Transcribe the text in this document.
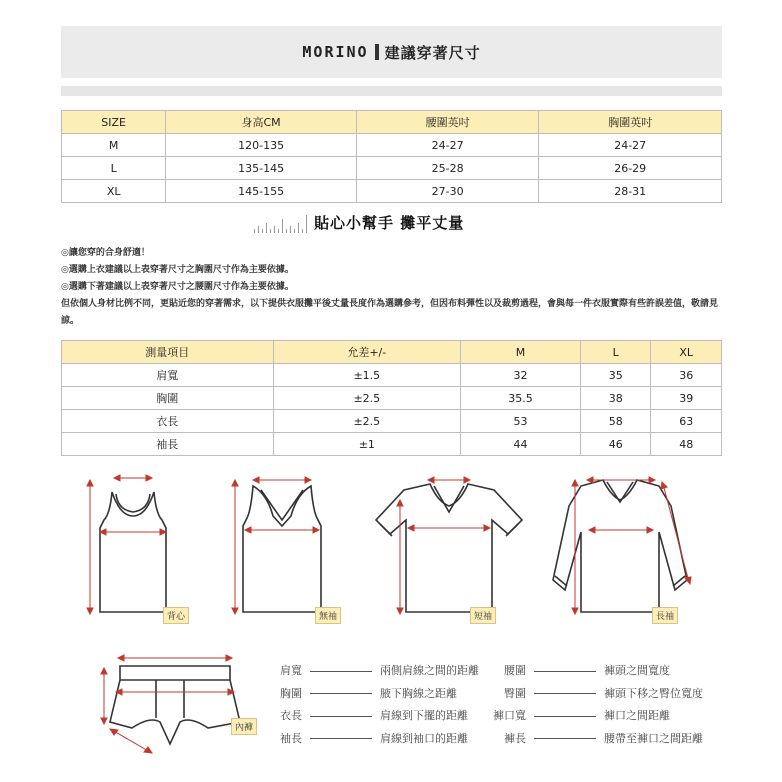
MORINO 建議穿著尺寸
SIZE	身高CM	腰圍英吋	胸圍英吋
M	120-135	24-27	24-27
L	135-145	25-28	26-29
XL	145-155	27-30	28-31
貼心小幫手 攤平丈量
◎讓您穿的合身舒適！
◎選購上衣建議以上表穿著尺寸之胸圍尺寸作為主要依據。
◎選購下著建議以上表穿著尺寸之腰圍尺寸作為主要依據。
但依個人身材比例不同，更貼近您的穿著需求，以下提供衣服攤平後丈量長度作為選購參考，但因布料彈性以及裁剪過程，會與每一件衣服實際有些許誤差值，敬請見諒。
測量項目	允差+/-	M	L	XL
肩寬	±1.5	32	35	36
胸圍	±2.5	35.5	38	39
衣長	±2.5	53	58	63
袖長	±1	44	46	48
背心	無袖	短袖	長袖
內褲
肩寬	兩側肩線之間的距離
胸圍	腋下胸線之距離
衣長	肩線到下擺的距離
袖長	肩線到袖口的距離
腰圍	褲頭之間寬度
臀圍	褲頭下移之臀位寬度
褲口寬	褲口之間距離
褲長	腰帶至褲口之間距離
